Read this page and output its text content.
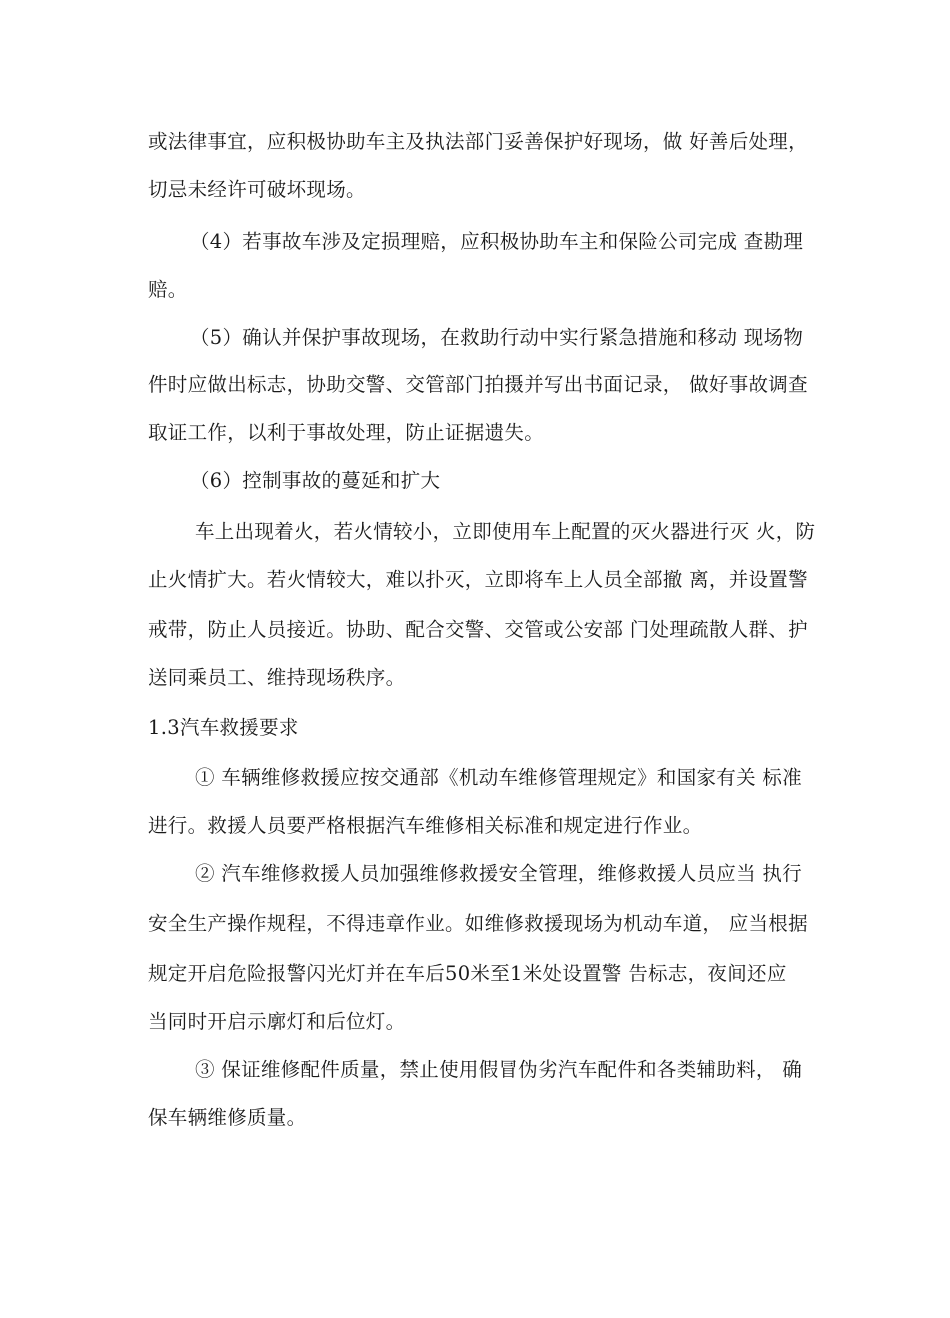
或法律事宜，应积极协助车主及执法部门妥善保护好现场，做 好善后处理，
切忌未经许可破坏现场。
（4）若事故车涉及定损理赔，应积极协助车主和保险公司完成 查勘理
赔。
（5）确认并保护事故现场，在救助行动中实行紧急措施和移动 现场物
件时应做出标志，协助交警、交管部门拍摄并写出书面记录， 做好事故调查
取证工作，以利于事故处理，防止证据遗失。
（6）控制事故的蔓延和扩大
车上出现着火，若火情较小，立即使用车上配置的灭火器进行灭 火，防
止火情扩大。若火情较大，难以扑灭，立即将车上人员全部撤 离，并设置警
戒带，防止人员接近。协助、配合交警、交管或公安部 门处理疏散人群、护
送同乘员工、维持现场秩序。
1.3汽车救援要求
① 车辆维修救援应按交通部《机动车维修管理规定》和国家有关 标准
进行。救援人员要严格根据汽车维修相关标准和规定进行作业。
② 汽车维修救援人员加强维修救援安全管理，维修救援人员应当 执行
安全生产操作规程，不得违章作业。如维修救援现场为机动车道， 应当根据
规定开启危险报警闪光灯并在车后50米至1米处设置警 告标志，夜间还应
当同时开启示廓灯和后位灯。
③ 保证维修配件质量，禁止使用假冒伪劣汽车配件和各类辅助料， 确
保车辆维修质量。
